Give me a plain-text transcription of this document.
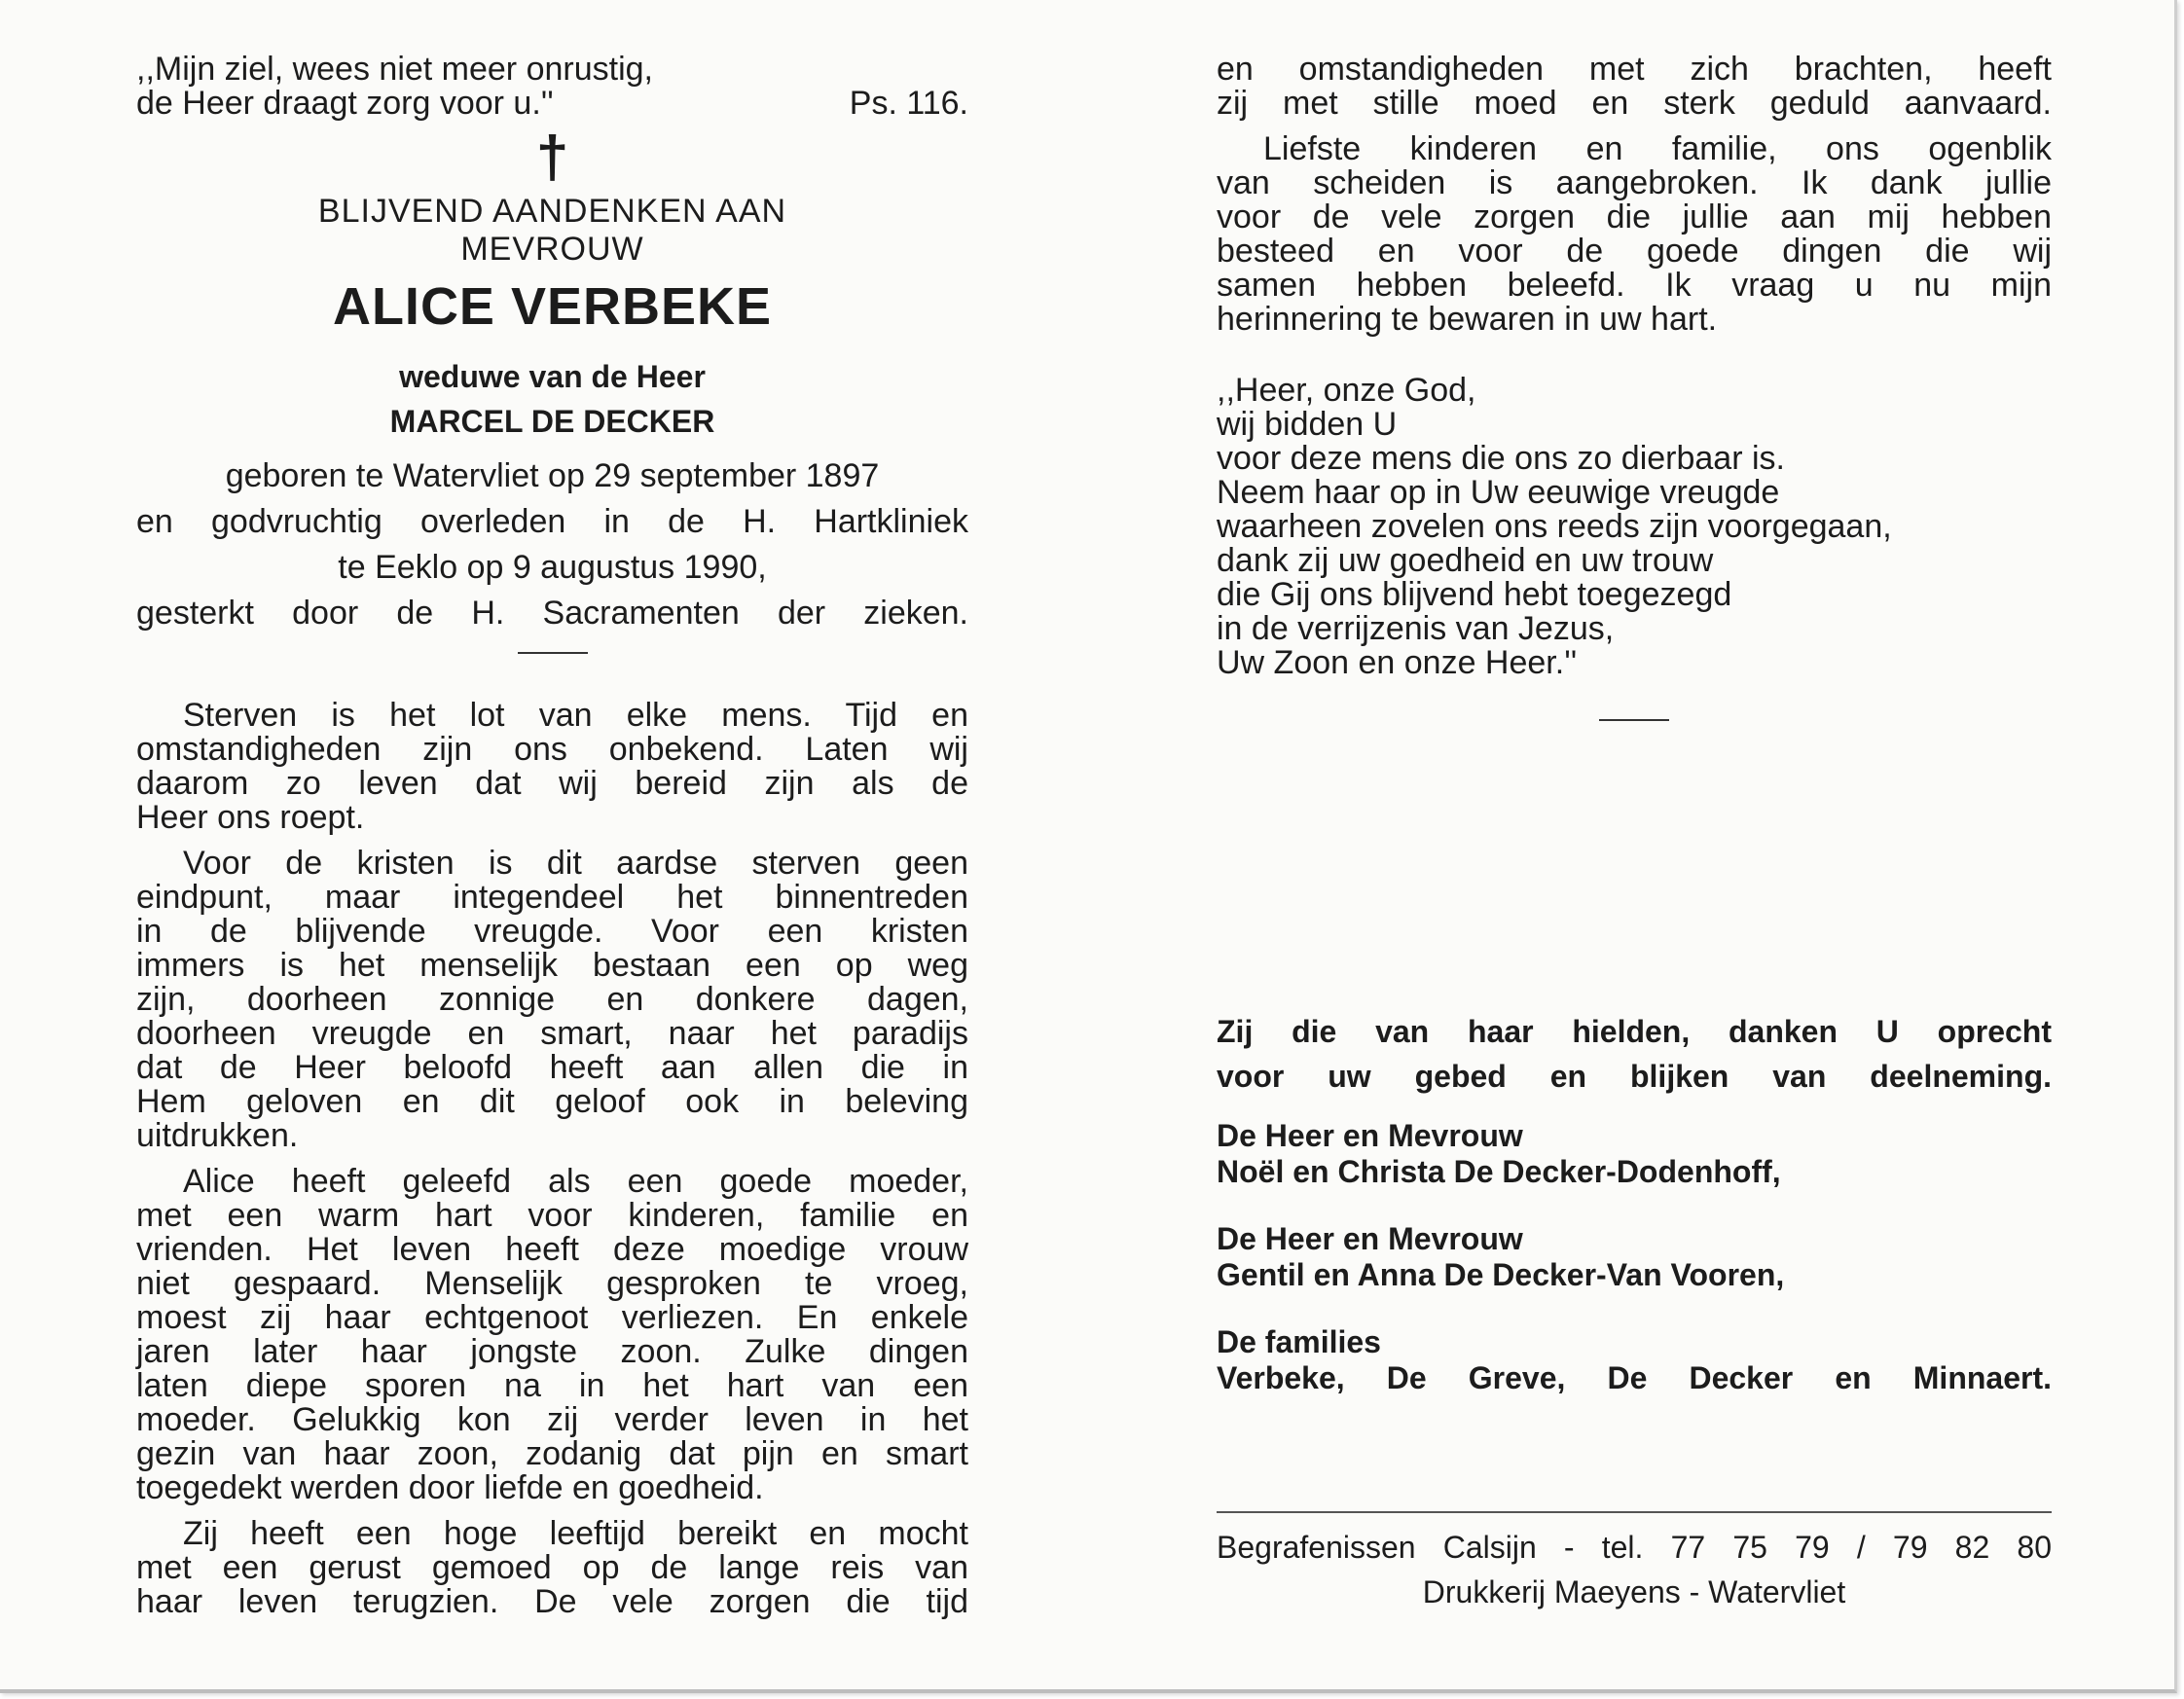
,,Mijn ziel, wees niet meer onrustig,
de Heer draagt zorg voor u.''	Ps. 116.
†
BLIJVEND AANDENKEN AAN
MEVROUW
ALICE VERBEKE
weduwe van de Heer
MARCEL DE DECKER
geboren te Watervliet op 29 september 1897
en godvruchtig overleden in de H. Hartkliniek
te Eeklo op 9 augustus 1990,
gesterkt door de H. Sacramenten der zieken.
Sterven is het lot van elke mens. Tijd en
omstandigheden zijn ons onbekend. Laten wij
daarom zo leven dat wij bereid zijn als de
Heer ons roept.
Voor de kristen is dit aardse sterven geen
eindpunt, maar integendeel het binnentreden
in de blijvende vreugde. Voor een kristen
immers is het menselijk bestaan een op weg
zijn, doorheen zonnige en donkere dagen,
doorheen vreugde en smart, naar het paradijs
dat de Heer beloofd heeft aan allen die in
Hem geloven en dit geloof ook in beleving
uitdrukken.
Alice heeft geleefd als een goede moeder,
met een warm hart voor kinderen, familie en
vrienden. Het leven heeft deze moedige vrouw
niet gespaard. Menselijk gesproken te vroeg,
moest zij haar echtgenoot verliezen. En enkele
jaren later haar jongste zoon. Zulke dingen
laten diepe sporen na in het hart van een
moeder. Gelukkig kon zij verder leven in het
gezin van haar zoon, zodanig dat pijn en smart
toegedekt werden door liefde en goedheid.
Zij heeft een hoge leeftijd bereikt en mocht
met een gerust gemoed op de lange reis van
haar leven terugzien. De vele zorgen die tijd
en omstandigheden met zich brachten, heeft
zij met stille moed en sterk geduld aanvaard.
Liefste kinderen en familie, ons ogenblik
van scheiden is aangebroken. Ik dank jullie
voor de vele zorgen die jullie aan mij hebben
besteed en voor de goede dingen die wij
samen hebben beleefd. Ik vraag u nu mijn
herinnering te bewaren in uw hart.
,,Heer, onze God,
wij bidden U
voor deze mens die ons zo dierbaar is.
Neem haar op in Uw eeuwige vreugde
waarheen zovelen ons reeds zijn voorgegaan,
dank zij uw goedheid en uw trouw
die Gij ons blijvend hebt toegezegd
in de verrijzenis van Jezus,
Uw Zoon en onze Heer.''
Zij die van haar hielden, danken U oprecht
voor uw gebed en blijken van deelneming.
De Heer en Mevrouw
Noël en Christa De Decker-Dodenhoff,
De Heer en Mevrouw
Gentil en Anna De Decker-Van Vooren,
De families
Verbeke, De Greve, De Decker en Minnaert.
Begrafenissen Calsijn - tel. 77 75 79 / 79 82 80
Drukkerij Maeyens - Watervliet
